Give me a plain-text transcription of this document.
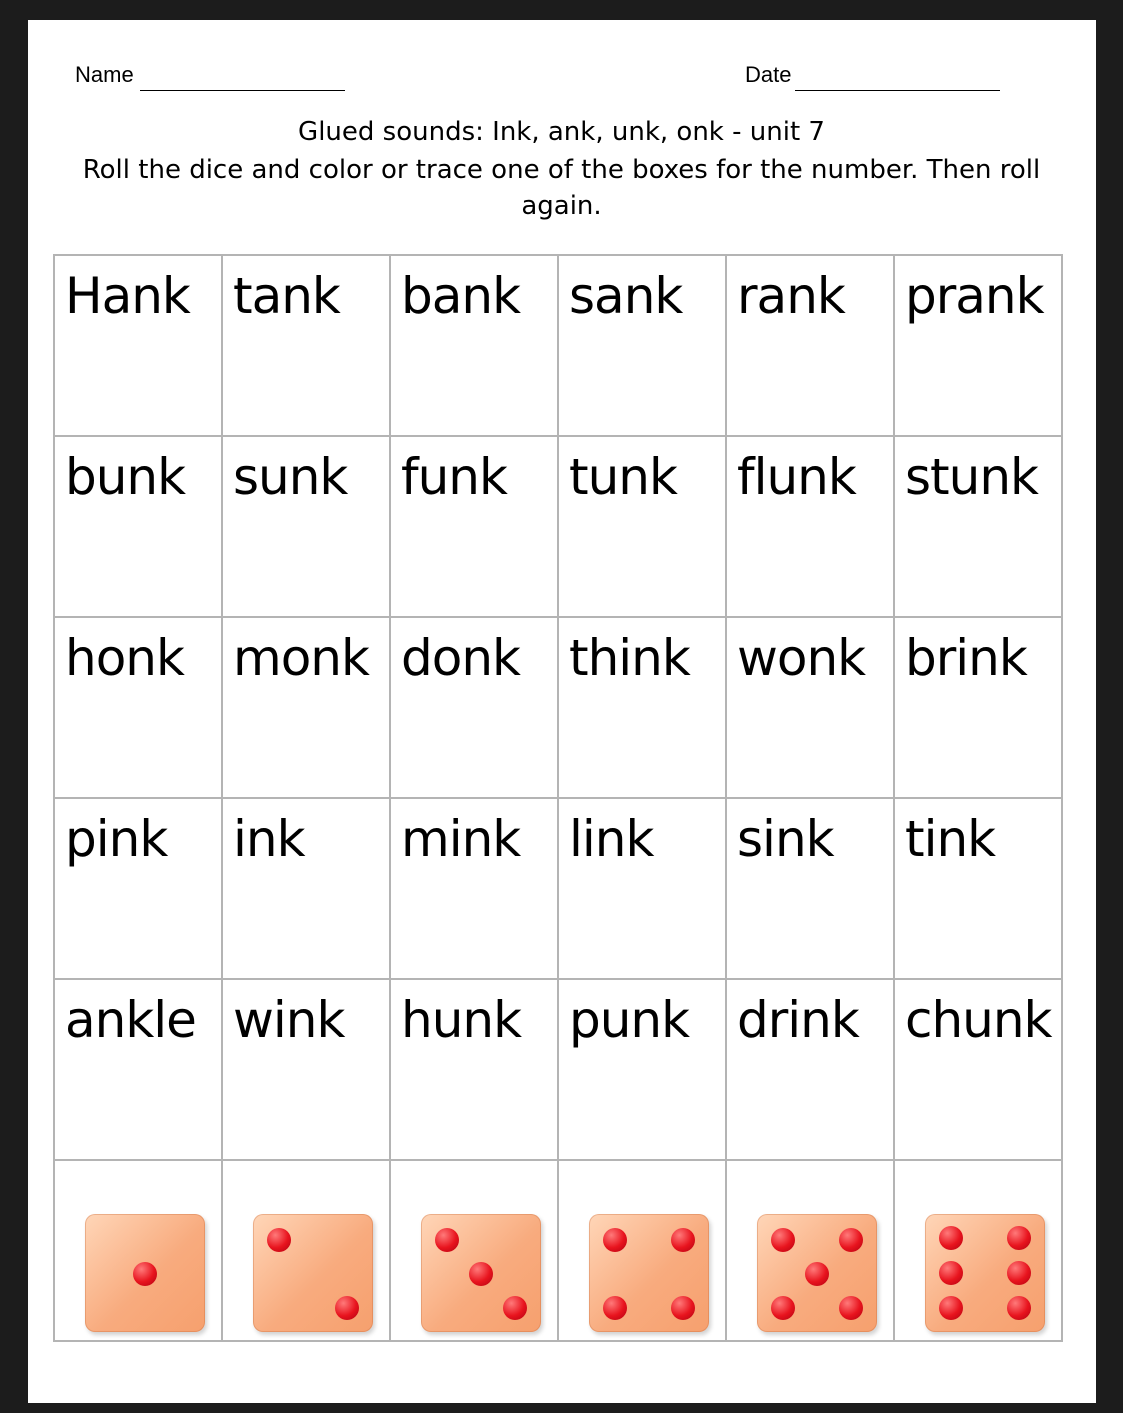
Name	Date
Glued sounds: Ink, ank, unk, onk - unit 7
Roll the dice and color or trace one of the boxes for the number. Then roll again.
Hank	tank	bank	sank	rank	prank

bunk	sunk	funk	tunk	flunk	stunk

honk	monk	donk	think	wonk	brink

pink	ink	mink	link	sink	tink

ankle	wink	hunk	punk	drink	chunk
